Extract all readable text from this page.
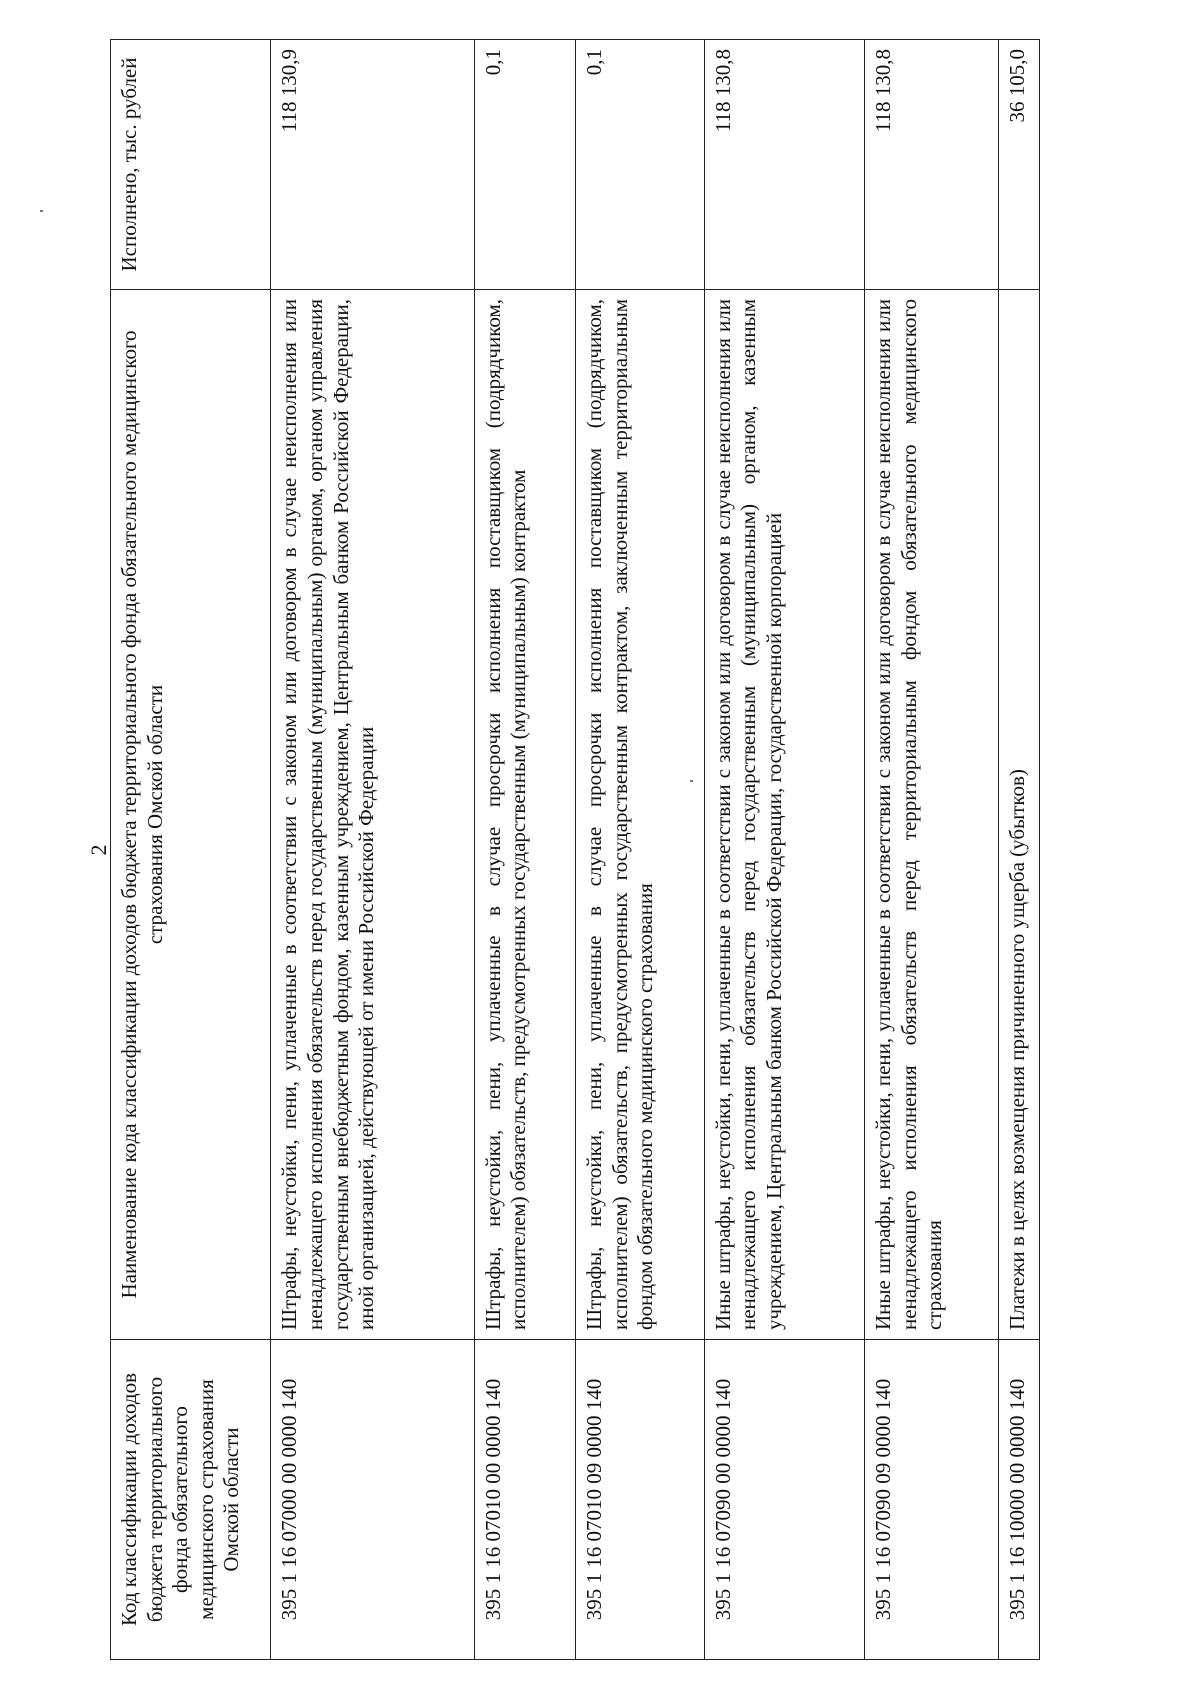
2
Код классификации доходов бюджета территориального фонда обязательного медицинского страхования Омской области	Наименование кода классификации доходов бюджета территориального фонда обязательного медицинского страхования Омской области	Исполнено, тыс. рублей
395 1 16 07000 00 0000 140	Штрафы, неустойки, пени, уплаченные в соответствии с законом или договором в случае неисполнения или ненадлежащего исполнения обязательств перед государственным (муниципальным) органом, органом управления государственным внебюджетным фондом, казенным учреждением, Центральным банком Российской Федерации, иной организацией, действующей от имени Российской Федерации	118 130,9
395 1 16 07010 00 0000 140	Штрафы, неустойки, пени, уплаченные в случае просрочки исполнения поставщиком (подрядчиком, исполнителем) обязательств, предусмотренных государственным (муниципальным) контрактом	0,1
395 1 16 07010 09 0000 140	Штрафы, неустойки, пени, уплаченные в случае просрочки исполнения поставщиком (подрядчиком, исполнителем) обязательств, предусмотренных государственным контрактом, заключенным территориальным фондом обязательного медицинского страхования	0,1
395 1 16 07090 00 0000 140	Иные штрафы, неустойки, пени, уплаченные в соответствии с законом или договором в случае неисполнения или ненадлежащего исполнения обязательств перед государственным (муниципальным) органом, казенным учреждением, Центральным банком Российской Федерации, государственной корпорацией	118 130,8
395 1 16 07090 09 0000 140	Иные штрафы, неустойки, пени, уплаченные в соответствии с законом или договором в случае неисполнения или ненадлежащего исполнения обязательств перед территориальным фондом обязательного медицинского страхования	118 130,8
395 1 16 10000 00 0000 140	Платежи в целях возмещения причиненного ущерба (убытков)	36 105,0
